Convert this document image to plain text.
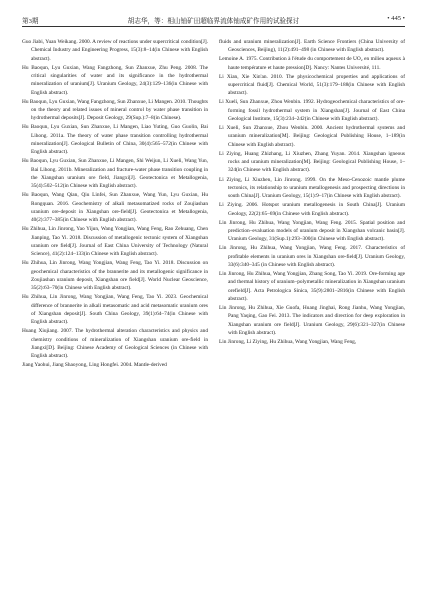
第3期	胡志华，等：相山铀矿田超临界流体铀成矿作用的试验探讨	• 445 •

Guo Jiabi, Yuan Weikang. 2000. A review of reactions under supercritical condition[J]. Chemical Industry and Engineering Progress, 15(3):8–14(in Chinese with English abstract).

Hu Baoqun, Lyu Guxian, Wang Fangzhong, Sun Zhanxue, Zhu Peng. 2008. The critical singularities of water and its significance in the hydrothermal mineralization of uranium[J]. Uranium Geology, 24(3):129–136(in Chinese with English abstract).

Hu Baoqun, Lyu Guxian, Wang Fangzhong, Sun Zhanxue, Li Mangen. 2010. Thoughts on the theory and related issues of mineral control by water phase transition in hydrothermal deposits[J]. Deposit Geology, 29(Sup.):7–8(in Chinese).

Hu Baoqun, Lyu Guxian, Sun Zhanxue, Li Mangen, Liao Yuting, Guo Guolin, Bai Lihong. 2011a. The theory of water phase transition controlling hydrothermal mineralization[J]. Geological Bulletin of China, 30(4):565–572(in Chinese with English abstract).

Hu Baoqun, Lyu Guxian, Sun Zhanxue, Li Mangen, Shi Weijun, Li Xueli, Wang Yun, Bai Lihong. 2011b. Mineralization and fracture-water phase transition coupling in the Xiangshan uranium ore field, Jiangxi[J]. Geotectonica et Metallogenia, 35(4):502–512(in Chinese with English abstract).

Hu Baoqun, Wang Qian, Qiu Linfei, Sun Zhanxue, Wang Yun, Lyu Guxian, Hu Rongquan. 2016. Geochemistry of alkali metasomatized rocks of Zoujiashan uranium ore-deposit in Xiangshan ore-field[J]. Geotectonica et Metallogenia, 40(2):377–385(in Chinese with English abstract).

Hu Zhihua, Lin Jinrong, Yao Yijun, Wang Yongjian, Wang Feng, Rao Zehuang, Chen Jianping, Tao Yi. 2018. Discussion of metallogenic tectonic system of Xiangshan uranium ore field[J]. Journal of East China University of Technology (Natural Science), 41(2):124–133(in Chinese with English abstract).

Hu Zhihua, Lin Jinrong, Wang Yongjian, Wang Feng, Tao Yi. 2018. Discussion on geochemical characteristics of the brannerite and its metallogenic significance in Zoujiashan uranium deposit, Xiangshan ore field[J]. World Nuclear Geoscience, 35(2):63–70(in Chinese with English abstract).

Hu Zhihua, Lin Jinrong, Wang Yongjian, Wang Feng, Tao Yi. 2023. Geochemical difference of brannerite in alkali metasomatic and acid metasomatic uranium ores of Xiangshan deposit[J]. South China Geology, 39(1):64–74(in Chinese with English abstract).

Huang Xiujiang. 2007. The hydrothermal alteration characteristics and physics and chemistry conditions of mineralization of Xiangshan uranium ore-field in Jiangxi[D]. Beijing: Chinese Academy of Geological Sciences (in Chinese with English abstract).

Jiang Yaohui, Jiang Shaoyong, Ling Hongfei. 2004. Mantle-derived

fluids and uranium mineralization[J]. Earth Science Frontiers (China University of Geosciences, Beijing), 11(2):491–498 (in Chinese with English abstract).

Lemoine A. 1975. Contribution à l'étude du comportement de UO₂ en milieu aqueux à haute température et haute pression[D]. Nancy: Nantes Université, 111.

Li Xian, Xie Xin'an. 2010. The physicochemical properties and applications of supercritical fluid[J]. Chemical World, 51(3):179–188(in Chinese with English abstract).

Li Xueli, Sun Zhanxue, Zhou Wenbin. 1992. Hydrogeochemical characteristics of ore-forming fossil hydrothermal system in Xiangshan[J]. Journal of East China Geological Institute, 15(3):234–242(in Chinese with English abstract).

Li Xueli, Sun Zhanxue, Zhou Wenbin. 2000. Ancient hydrothermal systems and uranium mineralization[M]. Beijing: Geological Publishing House, 1–189(in Chinese with English abstract).

Li Ziying, Huang Zhizhang, Li Xiuzhen, Zhang Yuyan. 2014. Xiangshan igneous rocks and uranium mineralization[M]. Beijing: Geological Publishing House, 1–324(in Chinese with English abstract).

Li Ziying, Li Xiuzhen, Lin Jinrong. 1999. On the Meso-Cenozoic mantle plume tectonics, its relationship to uranium metallogenesis and prospecting directions in south China[J]. Uranium Geology, 15(1):9–17(in Chinese with English abstract).

Li Ziying. 2006. Hotspot uranium metallogenesis in South China[J]. Uranium Geology, 22(2):65–69(in Chinese with English abstract).

Lin Jinrong, Hu Zhihua, Wang Yongjian, Wang Feng. 2015. Spatial position and prediction–evaluation models of uranium deposit in Xiangshan volcanic basin[J]. Uranium Geology, 31(Sup.1):293–300(in Chinese with English abstract).

Lin Jinrong, Hu Zhihua, Wang Yongjian, Wang Feng. 2017. Characteristics of profitable elements in uranium ores in Xiangshan ore-field[J]. Uranium Geology, 33(6):340–345 (in Chinese with English abstract).

Lin Jinrong, Hu Zhihua, Wang Yongjian, Zhang Song, Tao Yi. 2019. Ore-forming age and thermal history of uranium–polymetallic mineralization in Xiangshan uranium orefield[J]. Acta Petrologica Sinica, 35(9):2801–2816(in Chinese with English abstract).

Lin Jinrong, Hu Zhihua, Xie Guofa, Huang Jinghai, Rong Jianhu, Wang Yongjian, Pang Yaqing, Gao Fei. 2013. The indicators and direction for deep exploration in Xiangshan uranium ore field[J]. Uranium Geology, 29(6):321–327(in Chinese with English abstract).

Lin Jinrong, Li Ziying, Hu Zhihua, Wang Yongjian, Wang Feng,
